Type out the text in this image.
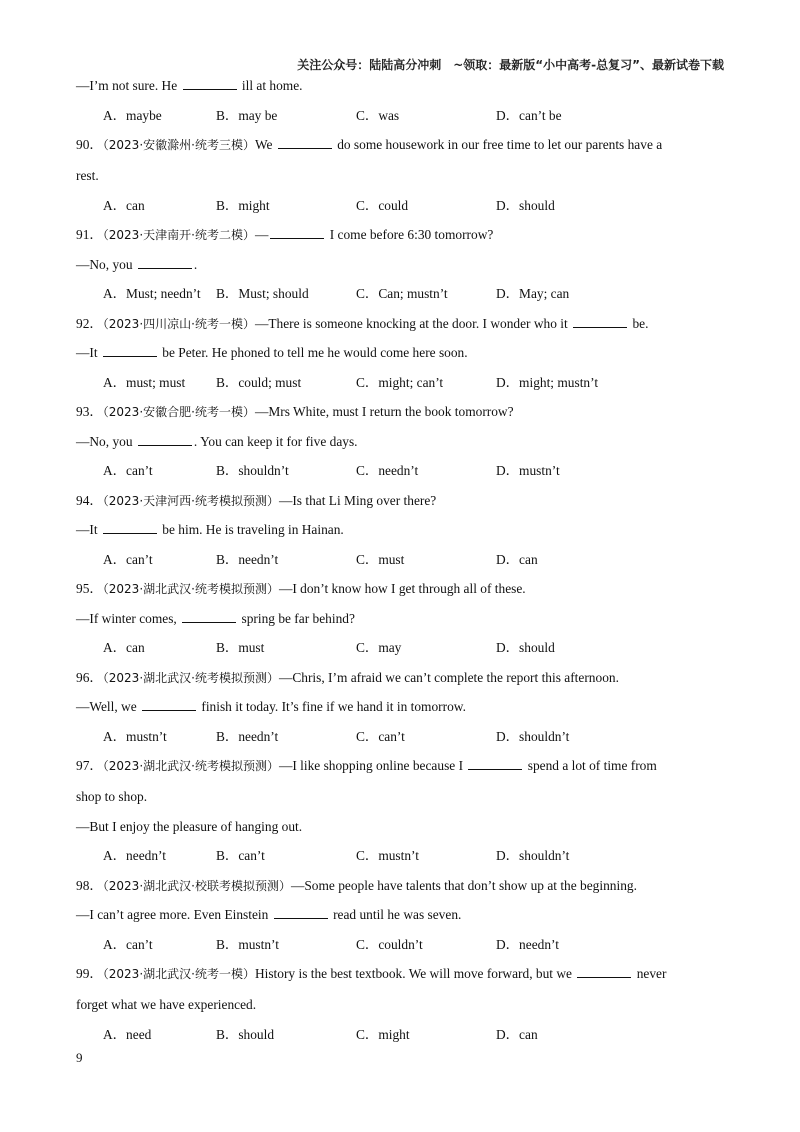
关注公众号：陆陆高分冲刺　~领取：最新版“小中高考-总复习”、最新试卷下载
—I’m not sure. He	ill at home.
A．maybe	B．may be	C．was	D．can’t be
90．（2023·安徽滁州·统考三模）We	do some housework in our free time to let our parents have a
rest.
A．can	B．might	C．could	D．should
91．（2023·天津南开·统考二模）—	I come before 6:30 tomorrow?
—No, you	.
A．Must; needn’t	B．Must; should	C．Can; mustn’t	D．May; can
92．（2023·四川凉山·统考一模）—There is someone knocking at the door. I wonder who it	be.
—It	be Peter. He phoned to tell me he would come here soon.
A．must; must	B．could; must	C．might; can’t	D．might; mustn’t
93．（2023·安徽合肥·统考一模）—Mrs White, must I return the book tomorrow?
—No, you	. You can keep it for five days.
A．can’t	B．shouldn’t	C．needn’t	D．mustn’t
94．（2023·天津河西·统考模拟预测）—Is that Li Ming over there?
—It	be him. He is traveling in Hainan.
A．can’t	B．needn’t	C．must	D．can
95．（2023·湖北武汉·统考模拟预测）—I don’t know how I get through all of these.
—If winter comes,	spring be far behind?
A．can	B．must	C．may	D．should
96．（2023·湖北武汉·统考模拟预测）—Chris, I’m afraid we can’t complete the report this afternoon.
—Well, we	finish it today. It’s fine if we hand it in tomorrow.
A．mustn’t	B．needn’t	C．can’t	D．shouldn’t
97．（2023·湖北武汉·统考模拟预测）—I like shopping online because I	spend a lot of time from
shop to shop.
—But I enjoy the pleasure of hanging out.
A．needn’t	B．can’t	C．mustn’t	D．shouldn’t
98．（2023·湖北武汉·校联考模拟预测）—Some people have talents that don’t show up at the beginning.
—I can’t agree more. Even Einstein	read until he was seven.
A．can’t	B．mustn’t	C．couldn’t	D．needn’t
99．（2023·湖北武汉·统考一模）History is the best textbook. We will move forward, but we	never
forget what we have experienced.
A．need	B．should	C．might	D．can
9
